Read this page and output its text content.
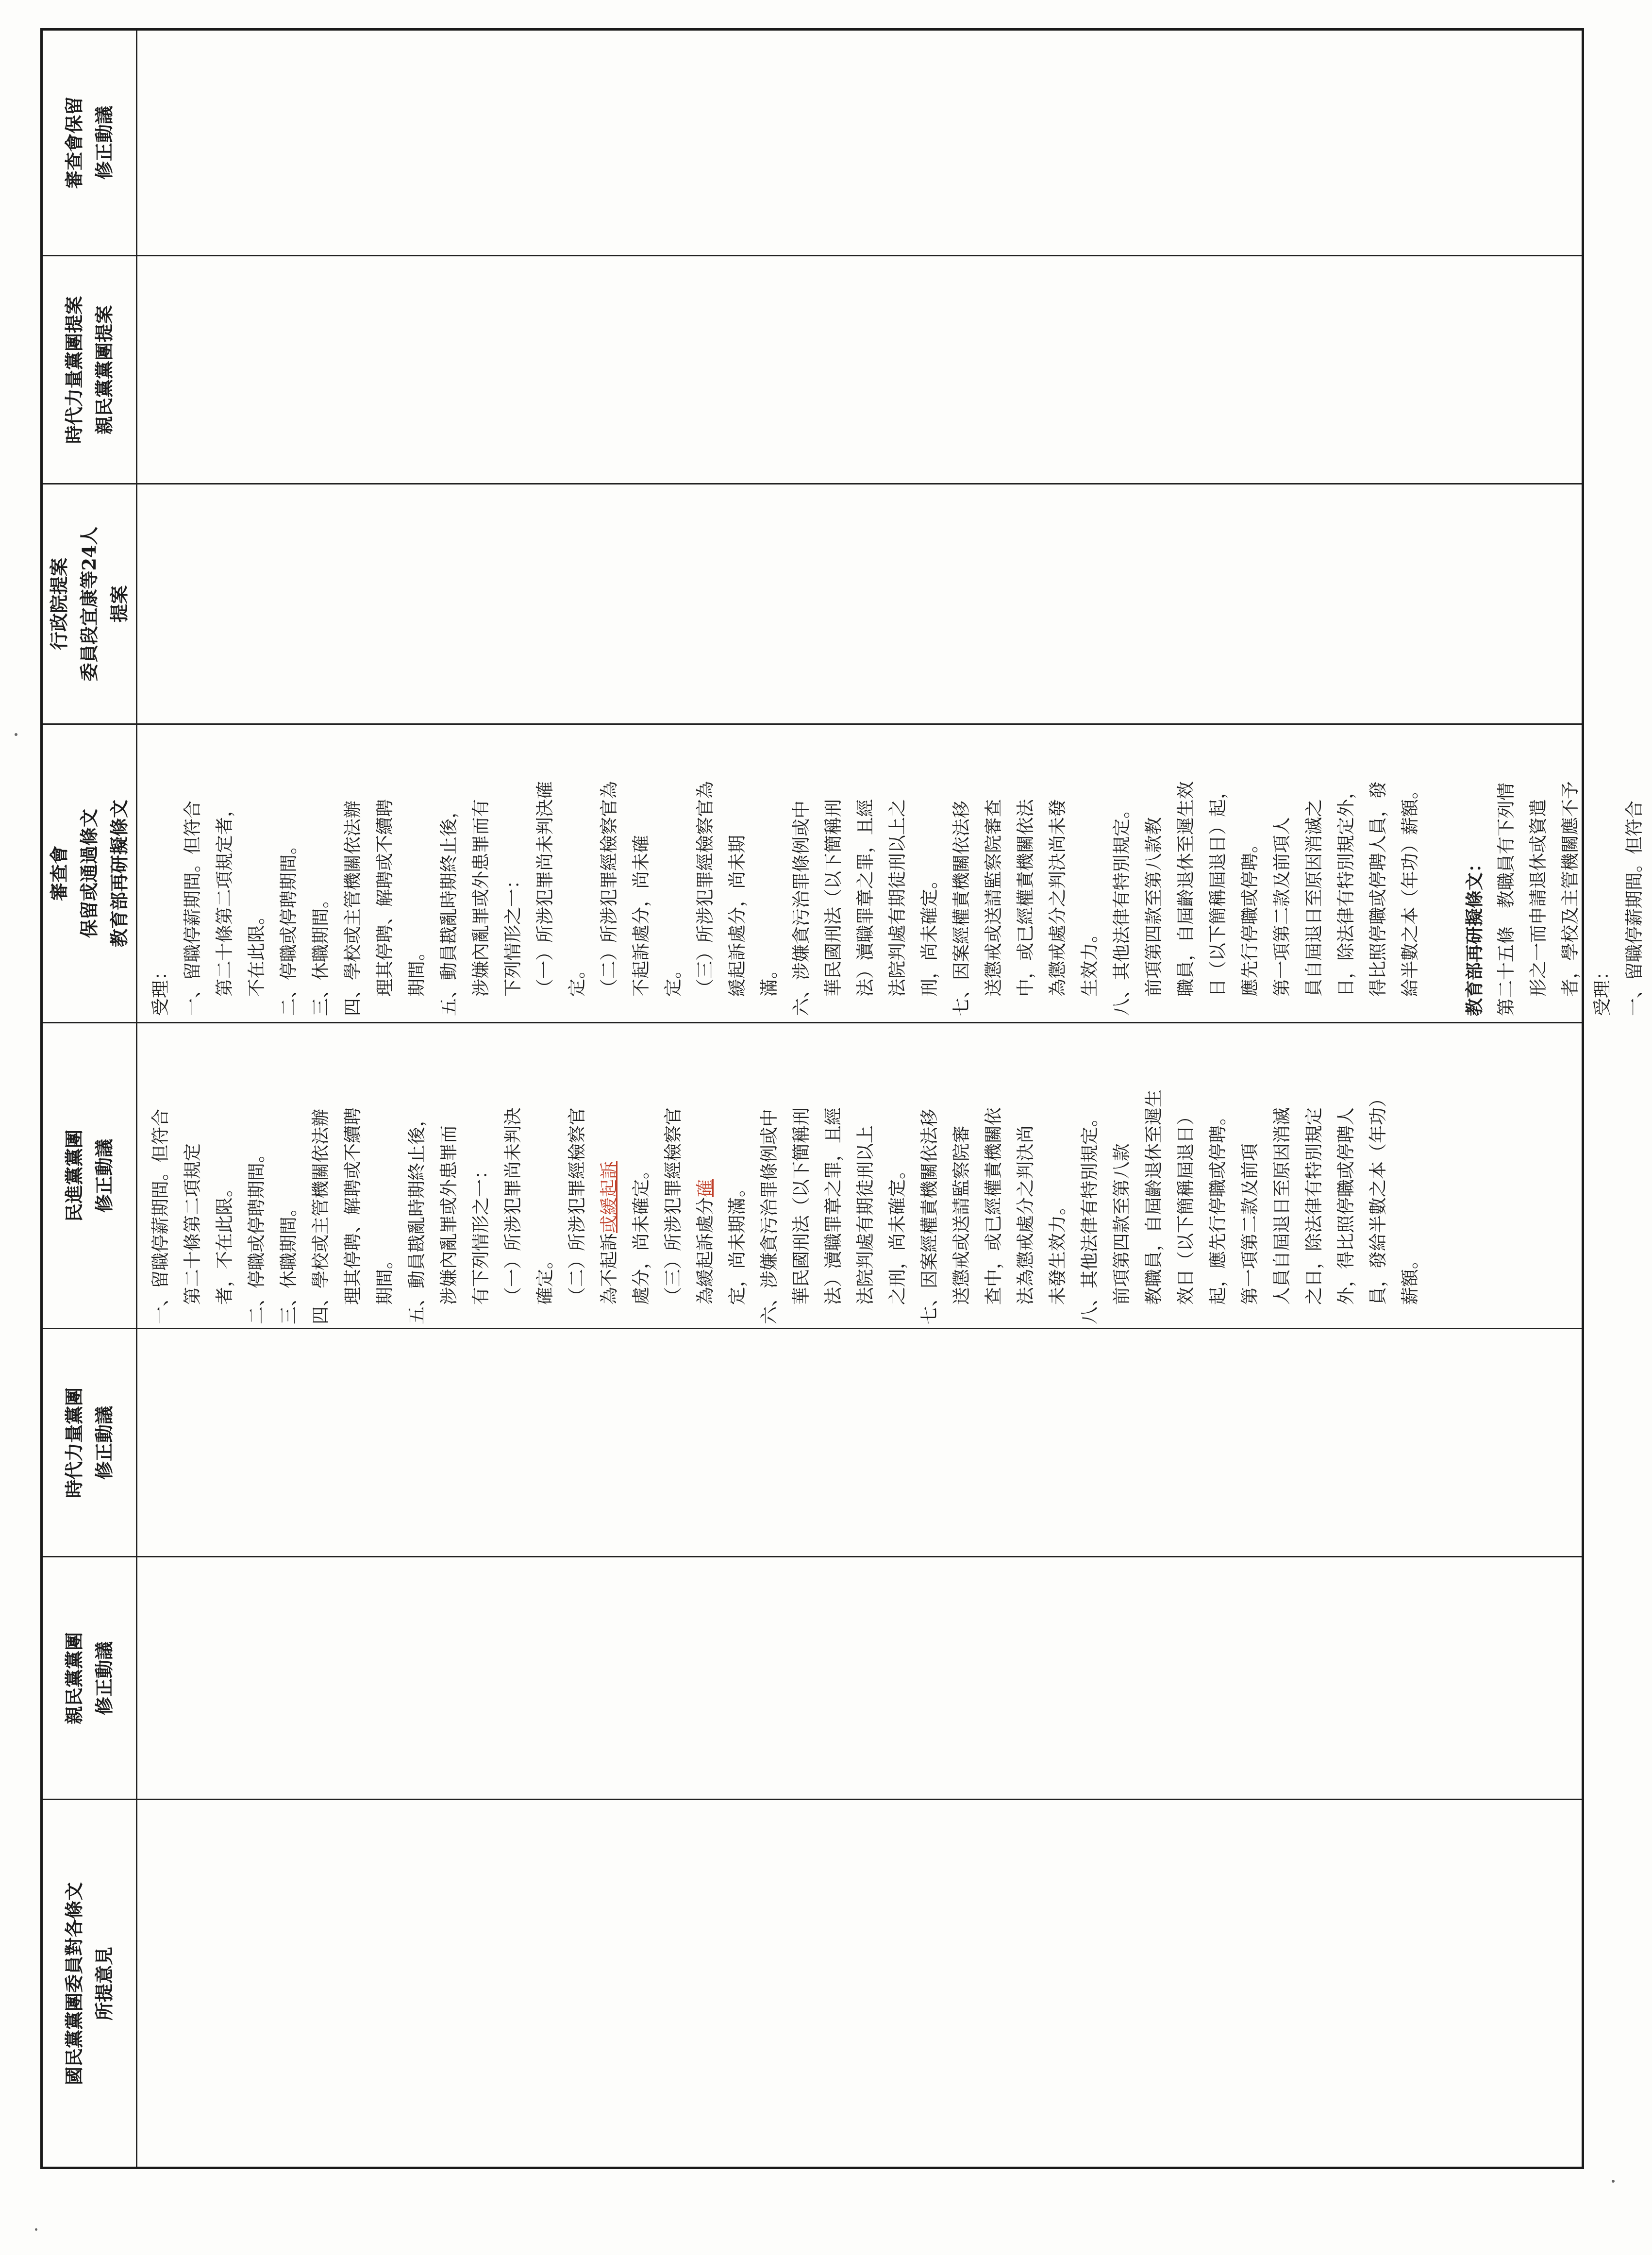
審查會保留 修正動議
時代力量黨團提案 親民黨黨團提案
行政院提案 委員段宜康等24人 提案
審查會 保留或通過條文 教育部再研擬條文

受理： 一、留職停薪期間。但符合 第二十條第二項規定者， 不在此限。 二、停職或停聘期間。 三、休職期間。 四、學校或主管機關依法辦 理其停聘、解聘或不續聘 期間。 五、動員戡亂時期終止後， 涉嫌內亂罪或外患罪而有 下列情形之一： （一）所涉犯罪尚未判決確 定。 （二）所涉犯罪經檢察官為 不起訴處分，尚未確 定。 （三）所涉犯罪經檢察官為 緩起訴處分，尚未期 滿。 六、涉嫌貪污治罪條例或中 華民國刑法（以下簡稱刑 法）瀆職罪章之罪，且經 法院判處有期徒刑以上之 刑，尚未確定。 七、因案經權責機關依法移 送懲戒或送請監察院審查 中，或已經權責機關依法 為懲戒處分之判決尚未發 生效力。 八、其他法律有特別規定。 前項第四款至第八款教 職員，自屆齡退休至遲生效 日（以下簡稱屆退日）起， 應先行停職或停聘。 第一項第二款及前項人 員自屆退日至原因消滅之 日，除法律有特別規定外， 得比照停職或停聘人員，發 給半數之本（年功）薪額。	教育部再研擬條文： 第二十五條　教職員有下列情 形之一而申請退休或資遣 者，學校及主管機關應不予 受理： 一、留職停薪期間。但符合

民進黨黨團 修正動議 一、留職停薪期間。但符合 第二十條第二項規定 者，不在此限。 二、停職或停聘期間。 三、休職期間。 四、學校或主管機關依法辦 理其停聘、解聘或不續聘 期間。 五、動員戡亂時期終止後， 涉嫌內亂罪或外患罪而 有下列情形之一： （一）所涉犯罪尚未判決 確定。 （二）所涉犯罪經檢察官 為不起訴或緩起訴 處分，尚未確定。 （三）所涉犯罪經檢察官 為緩起訴處分確 定，尚未期滿。 六、涉嫌貪污治罪條例或中 華民國刑法（以下簡稱刑 法）瀆職罪章之罪，且經 法院判處有期徒刑以上 之刑，尚未確定。 七、因案經權責機關依法移 送懲戒或送請監察院審 查中，或已經權責機關依 法為懲戒處分之判決尚 未發生效力。 八、其他法律有特別規定。 前項第四款至第八款 教職員，自屆齡退休至遲生 效日（以下簡稱屆退日） 起，應先行停職或停聘。 第一項第二款及前項 人員自屆退日至原因消滅 之日，除法律有特別規定 外，得比照停職或停聘人 員，發給半數之本（年功） 薪額。

時代力量黨團 修正動議
親民黨黨團 修正動議
國民黨黨團委員對各條文 所提意見
